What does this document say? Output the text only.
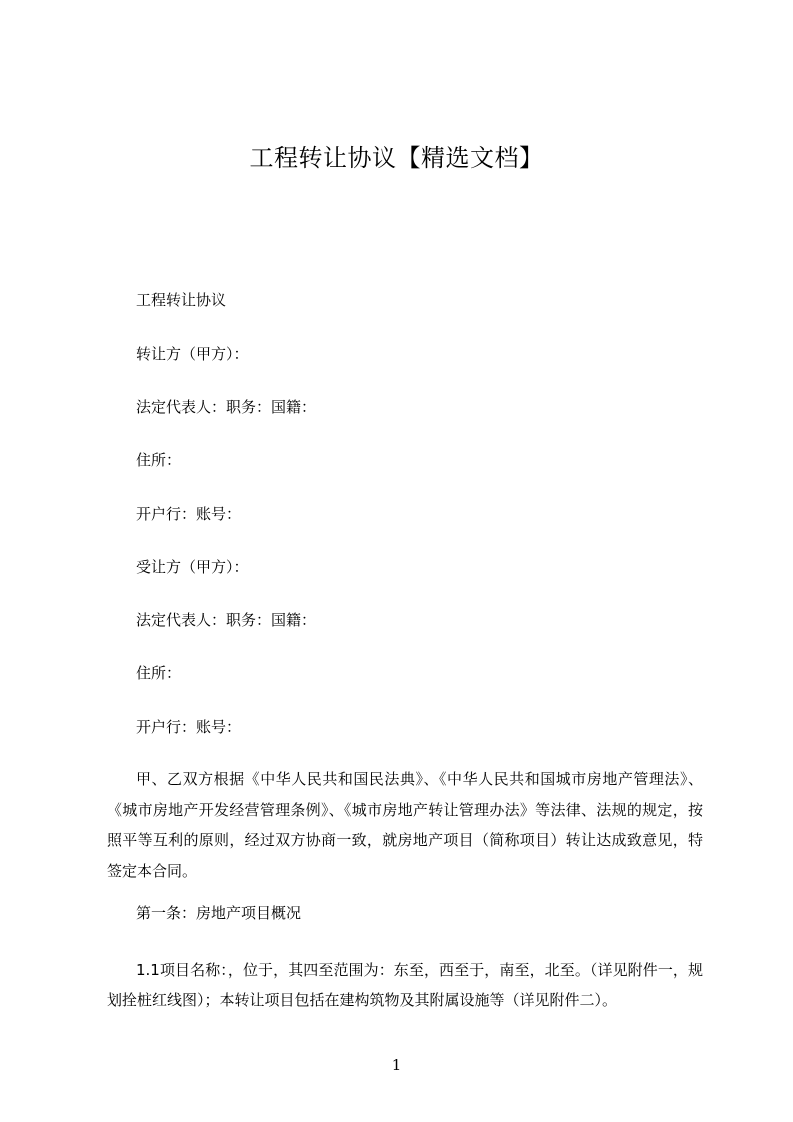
工程转让协议【精选文档】
工程转让协议
转让方（甲方）：
法定代表人：职务：国籍：
住所：
开户行：账号：
受让方（甲方）：
法定代表人：职务：国籍：
住所：
开户行：账号：
甲、乙双方根据《中华人民共和国民法典》、《中华人民共和国城市房地产管理法》、《城市房地产开发经营管理条例》、《城市房地产转让管理办法》等法律、法规的规定，按照平等互利的原则，经过双方协商一致，就房地产项目（简称项目）转让达成致意见，特签定本合同。
第一条：房地产项目概况
1.1项目名称：，位于，其四至范围为：东至，西至于，南至，北至。（详见附件一，规划拴桩红线图）；本转让项目包括在建构筑物及其附属设施等（详见附件二）。
1
